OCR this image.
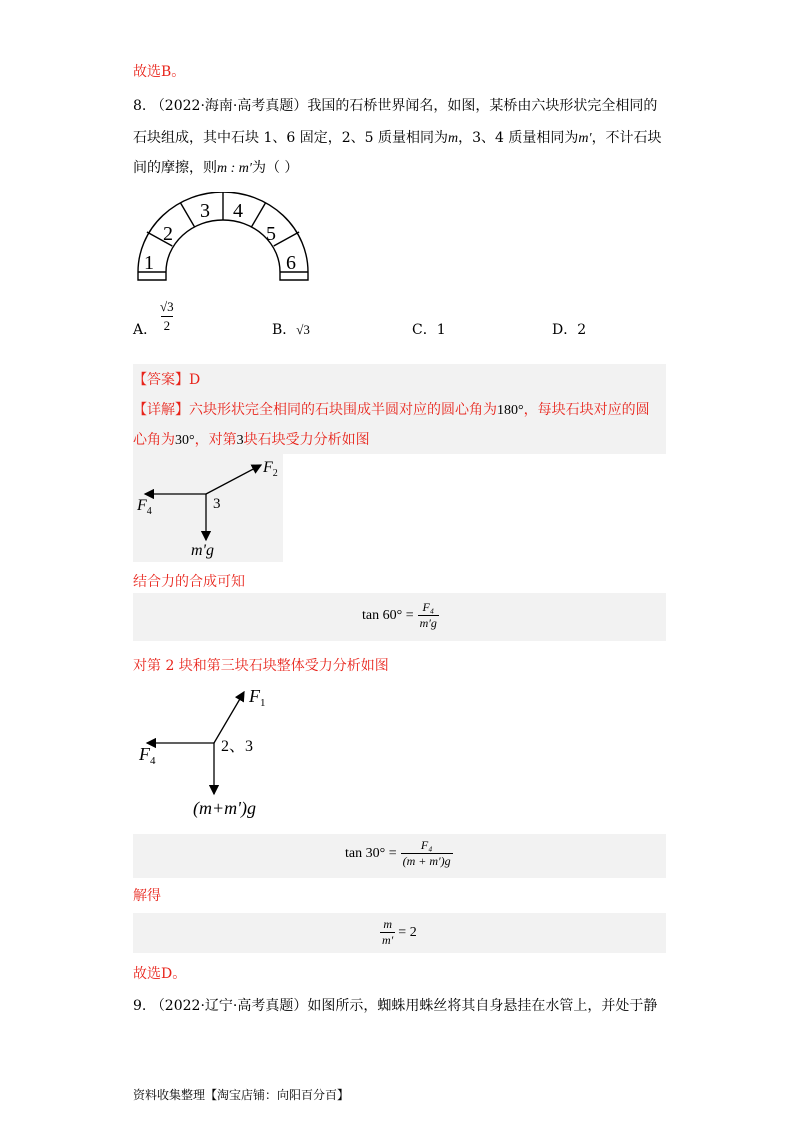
故选B。
8. （2022·海南·高考真题）我国的石桥世界闻名，如图，某桥由六块形状完全相同的
石块组成，其中石块 1、6 固定，2、5 质量相同为m，3、4 质量相同为m′，不计石块
间的摩擦，则m : m′为（ ）
1
2
3 4
5
6
A． $\frac{√3}{2}$	B．√3	C．1	D．2
【答案】D
【详解】六块形状完全相同的石块围成半圆对应的圆心角为180°，每块石块对应的圆
心角为30°，对第3块石块受力分析如图
$F_2$
$F_4$	3
m'g
结合力的合成可知
$\tan 60^\circ = \frac{\text{F₄}}{m'g}$
对第 2 块和第三块石块整体受力分析如图
$F_1$
$F_4$
2、3
(m+m')g
$\tan 30^\circ = \frac{\text{F₄}}{(m + m')g}$
解得
$\frac{m}{m'} = 2$
故选D。
9. （2022·辽宁·高考真题）如图所示，蜘蛛用蛛丝将其自身悬挂在水管上，并处于静
资料收集整理【淘宝店铺：向阳百分百】
